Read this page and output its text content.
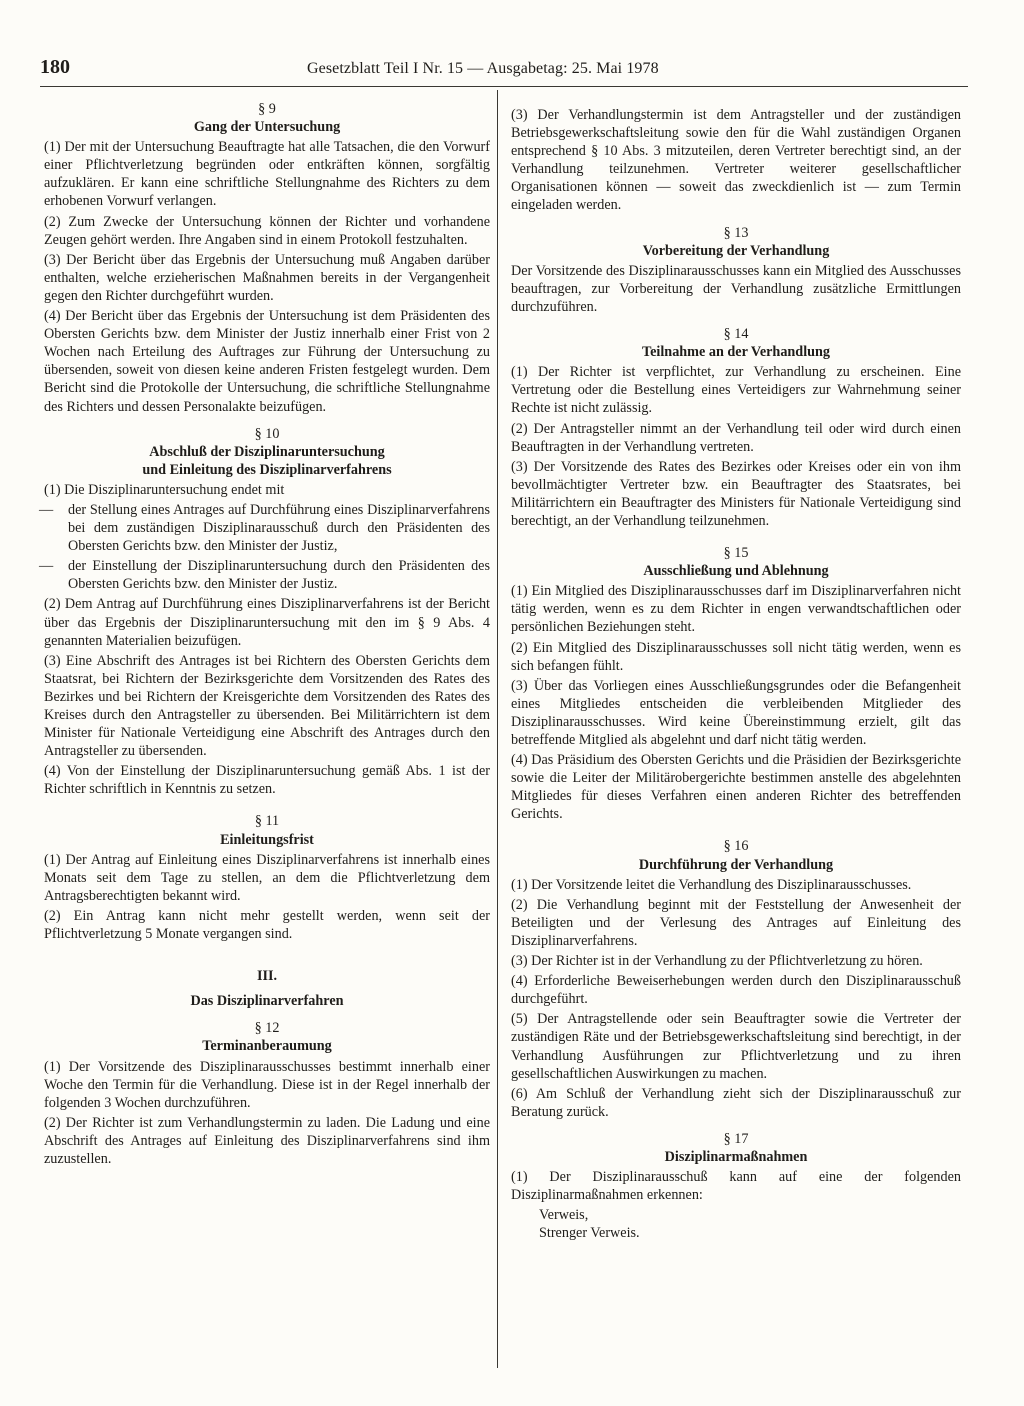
180	Gesetzblatt Teil I Nr. 15 — Ausgabetag: 25. Mai 1978
§ 9
Gang der Untersuchung

(1) Der mit der Untersuchung Beauftragte hat alle Tatsachen, die den Vorwurf einer Pflichtverletzung begründen oder entkräften können, sorgfältig aufzuklären. Er kann eine schriftliche Stellungnahme des Richters zu dem erhobenen Vorwurf verlangen.

(2) Zum Zwecke der Untersuchung können der Richter und vorhandene Zeugen gehört werden. Ihre Angaben sind in einem Protokoll festzuhalten.

(3) Der Bericht über das Ergebnis der Untersuchung muß Angaben darüber enthalten, welche erzieherischen Maßnahmen bereits in der Vergangenheit gegen den Richter durchgeführt wurden.

(4) Der Bericht über das Ergebnis der Untersuchung ist dem Präsidenten des Obersten Gerichts bzw. dem Minister der Justiz innerhalb einer Frist von 2 Wochen nach Erteilung des Auftrages zur Führung der Untersuchung zu übersenden, soweit von diesen keine anderen Fristen festgelegt wurden. Dem Bericht sind die Protokolle der Untersuchung, die schriftliche Stellungnahme des Richters und dessen Personalakte beizufügen.

§ 10
Abschluß der Disziplinaruntersuchung
und Einleitung des Disziplinarverfahrens

(1) Die Disziplinaruntersuchung endet mit

— der Stellung eines Antrages auf Durchführung eines Disziplinarverfahrens bei dem zuständigen Disziplinarausschuß durch den Präsidenten des Obersten Gerichts bzw. den Minister der Justiz,
— der Einstellung der Disziplinaruntersuchung durch den Präsidenten des Obersten Gerichts bzw. den Minister der Justiz.

(2) Dem Antrag auf Durchführung eines Disziplinarverfahrens ist der Bericht über das Ergebnis der Disziplinaruntersuchung mit den im § 9 Abs. 4 genannten Materialien beizufügen.

(3) Eine Abschrift des Antrages ist bei Richtern des Obersten Gerichts dem Staatsrat, bei Richtern der Bezirksgerichte dem Vorsitzenden des Rates des Bezirkes und bei Richtern der Kreisgerichte dem Vorsitzenden des Rates des Kreises durch den Antragsteller zu übersenden. Bei Militärrichtern ist dem Minister für Nationale Verteidigung eine Abschrift des Antrages durch den Antragsteller zu übersenden.

(4) Von der Einstellung der Disziplinaruntersuchung gemäß Abs. 1 ist der Richter schriftlich in Kenntnis zu setzen.

§ 11
Einleitungsfrist

(1) Der Antrag auf Einleitung eines Disziplinarverfahrens ist innerhalb eines Monats seit dem Tage zu stellen, an dem die Pflichtverletzung dem Antragsberechtigten bekannt wird.

(2) Ein Antrag kann nicht mehr gestellt werden, wenn seit der Pflichtverletzung 5 Monate vergangen sind.

III.
Das Disziplinarverfahren
§ 12
Terminanberaumung

(1) Der Vorsitzende des Disziplinarausschusses bestimmt innerhalb einer Woche den Termin für die Verhandlung. Diese ist in der Regel innerhalb der folgenden 3 Wochen durchzuführen.

(2) Der Richter ist zum Verhandlungstermin zu laden. Die Ladung und eine Abschrift des Antrages auf Einleitung des Disziplinarverfahrens sind ihm zuzustellen.

(3) Der Verhandlungstermin ist dem Antragsteller und der zuständigen Betriebsgewerkschaftsleitung sowie den für die Wahl zuständigen Organen entsprechend § 10 Abs. 3 mitzuteilen, deren Vertreter berechtigt sind, an der Verhandlung teilzunehmen. Vertreter weiterer gesellschaftlicher Organisationen können — soweit das zweckdienlich ist — zum Termin eingeladen werden.

§ 13
Vorbereitung der Verhandlung

Der Vorsitzende des Disziplinarausschusses kann ein Mitglied des Ausschusses beauftragen, zur Vorbereitung der Verhandlung zusätzliche Ermittlungen durchzuführen.

§ 14
Teilnahme an der Verhandlung

(1) Der Richter ist verpflichtet, zur Verhandlung zu erscheinen. Eine Vertretung oder die Bestellung eines Verteidigers zur Wahrnehmung seiner Rechte ist nicht zulässig.

(2) Der Antragsteller nimmt an der Verhandlung teil oder wird durch einen Beauftragten in der Verhandlung vertreten.

(3) Der Vorsitzende des Rates des Bezirkes oder Kreises oder ein von ihm bevollmächtigter Vertreter bzw. ein Beauftragter des Staatsrates, bei Militärrichtern ein Beauftragter des Ministers für Nationale Verteidigung sind berechtigt, an der Verhandlung teilzunehmen.

§ 15
Ausschließung und Ablehnung

(1) Ein Mitglied des Disziplinarausschusses darf im Disziplinarverfahren nicht tätig werden, wenn es zu dem Richter in engen verwandtschaftlichen oder persönlichen Beziehungen steht.

(2) Ein Mitglied des Disziplinarausschusses soll nicht tätig werden, wenn es sich befangen fühlt.

(3) Über das Vorliegen eines Ausschließungsgrundes oder die Befangenheit eines Mitgliedes entscheiden die verbleibenden Mitglieder des Disziplinarausschusses. Wird keine Übereinstimmung erzielt, gilt das betreffende Mitglied als abgelehnt und darf nicht tätig werden.

(4) Das Präsidium des Obersten Gerichts und die Präsidien der Bezirksgerichte sowie die Leiter der Militärobergerichte bestimmen anstelle des abgelehnten Mitgliedes für dieses Verfahren einen anderen Richter des betreffenden Gerichts.

§ 16
Durchführung der Verhandlung

(1) Der Vorsitzende leitet die Verhandlung des Disziplinarausschusses.

(2) Die Verhandlung beginnt mit der Feststellung der Anwesenheit der Beteiligten und der Verlesung des Antrages auf Einleitung des Disziplinarverfahrens.

(3) Der Richter ist in der Verhandlung zu der Pflichtverletzung zu hören.

(4) Erforderliche Beweiserhebungen werden durch den Disziplinarausschuß durchgeführt.

(5) Der Antragstellende oder sein Beauftragter sowie die Vertreter der zuständigen Räte und der Betriebsgewerkschaftsleitung sind berechtigt, in der Verhandlung Ausführungen zur Pflichtverletzung und zu ihren gesellschaftlichen Auswirkungen zu machen.

(6) Am Schluß der Verhandlung zieht sich der Disziplinarausschuß zur Beratung zurück.

§ 17
Disziplinarmaßnahmen

(1) Der Disziplinarausschuß kann auf eine der folgenden Disziplinarmaßnahmen erkennen:

Verweis,
Strenger Verweis.
